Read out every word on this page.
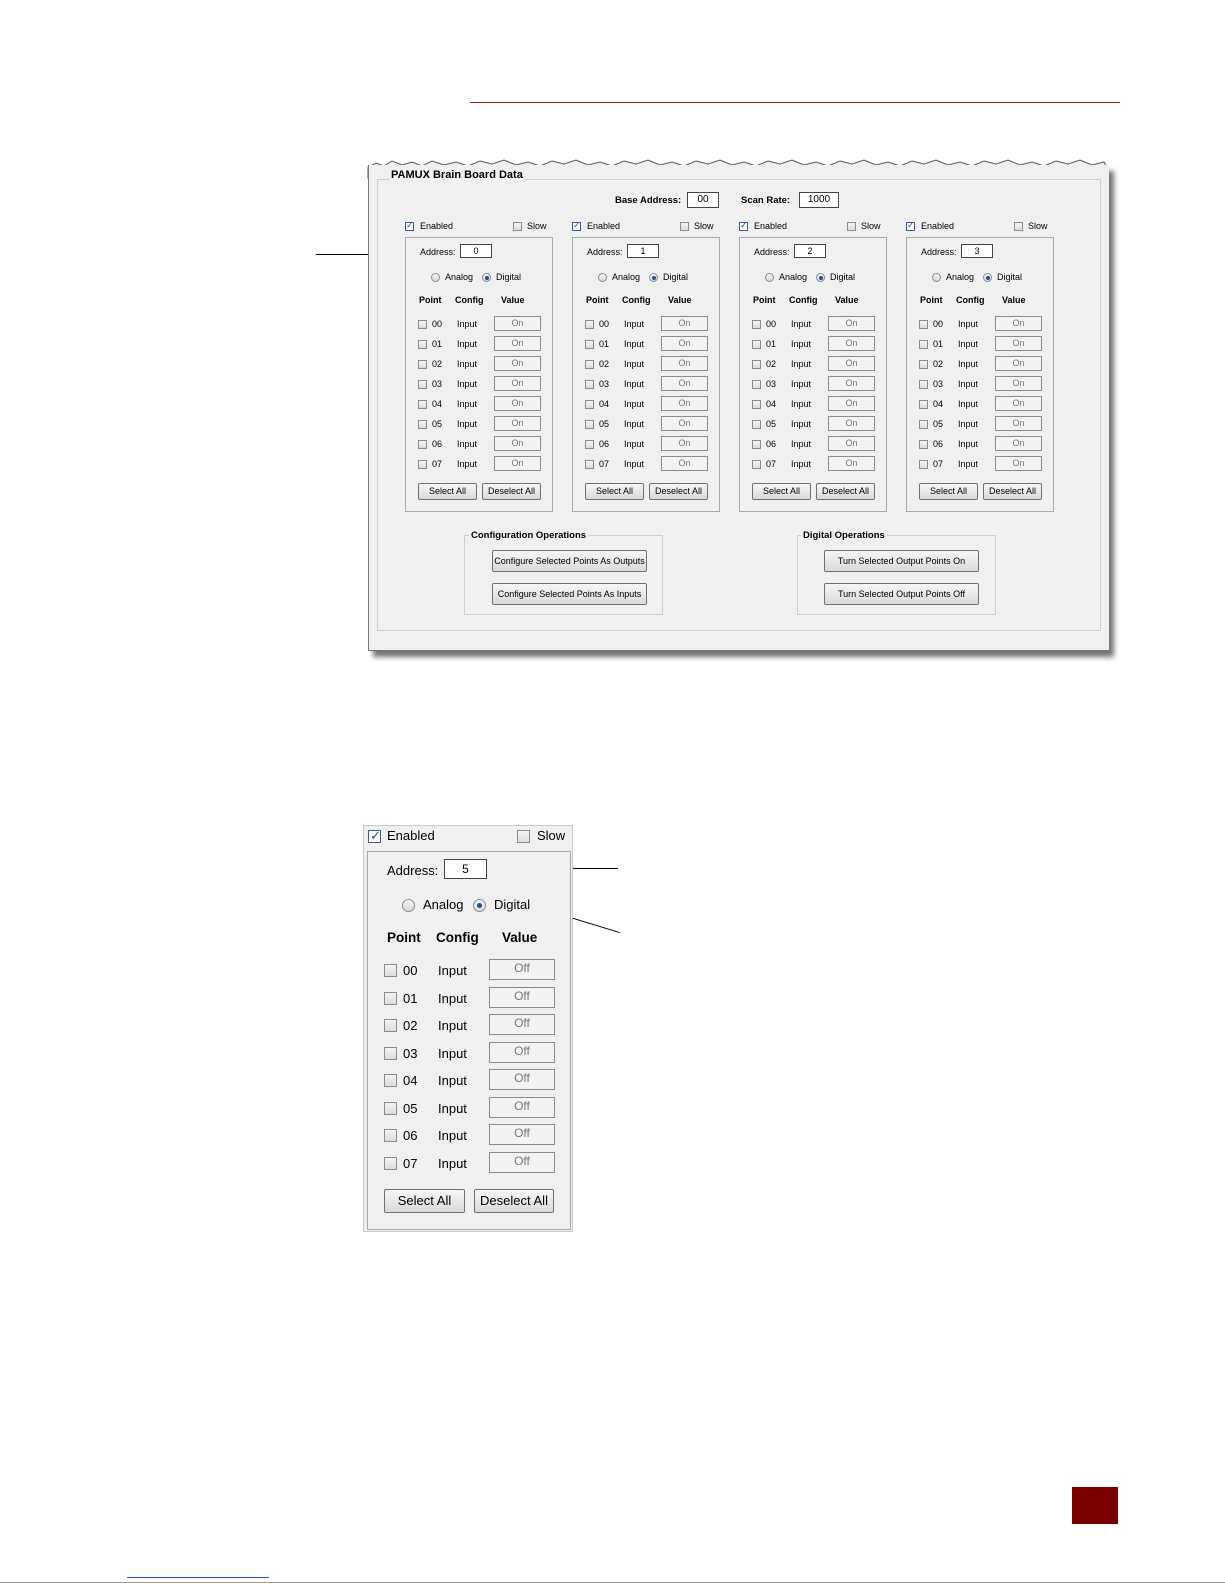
PAMUX Brain Board Data
Base Address:	00	Scan Rate:	1000
✓
Enabled	Slow
Address:	0
Analog	Digital
Point Config Value
00 Input	On
01 Input	On
02 Input	On
03 Input	On
04 Input	On
05 Input	On
06 Input	On
07 Input	On
Select All	Deselect All
✓
Enabled	Slow
Address:	1
Analog	Digital
Point Config Value
00 Input	On
01 Input	On
02 Input	On
03 Input	On
04 Input	On
05 Input	On
06 Input	On
07 Input	On
Select All	Deselect All
✓
Enabled	Slow
Address:	2
Analog	Digital
Point Config Value
00 Input	On
01 Input	On
02 Input	On
03 Input	On
04 Input	On
05 Input	On
06 Input	On
07 Input	On
Select All	Deselect All
✓
Enabled	Slow
Address:	3
Analog	Digital
Point Config Value
00 Input	On
01 Input	On
02 Input	On
03 Input	On
04 Input	On
05 Input	On
06 Input	On
07 Input	On
Select All	Deselect All
Configuration Operations
Configure Selected Points As Outputs
Configure Selected Points As Inputs
Digital Operations
Turn Selected Output Points On
Turn Selected Output Points Off
✓
Enabled	Slow
Address:	5
Analog Digital
Point Config Value
00 Input	Off
01 Input	Off
02 Input	Off
03 Input	Off
04 Input	Off
05 Input	Off
06 Input	Off
07 Input	Off
Select All	Deselect All
